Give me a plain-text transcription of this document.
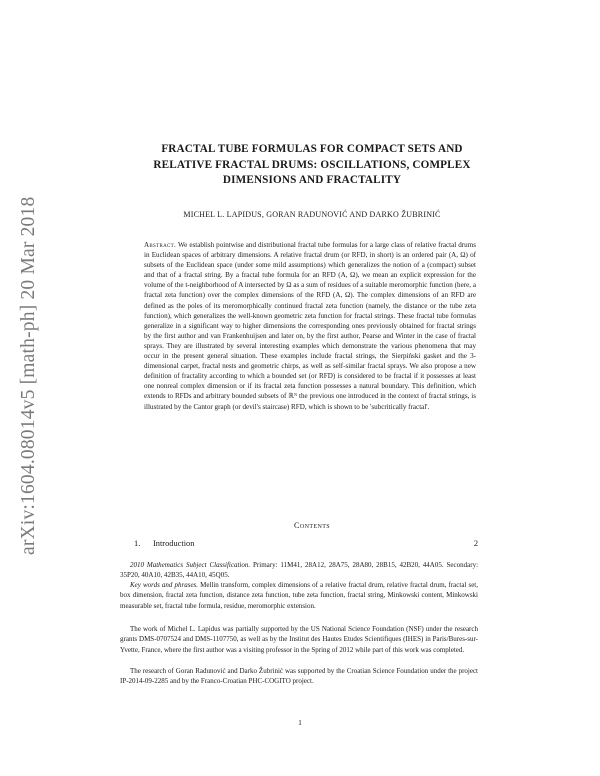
arXiv:1604.08014v5 [math-ph] 20 Mar 2018
FRACTAL TUBE FORMULAS FOR COMPACT SETS AND
RELATIVE FRACTAL DRUMS: OSCILLATIONS, COMPLEX
DIMENSIONS AND FRACTALITY
MICHEL L. LAPIDUS, GORAN RADUNOVIĆ AND DARKO ŽUBRINIĆ
Abstract. We establish pointwise and distributional fractal tube formulas for a large class of relative fractal drums in Euclidean spaces of arbitrary dimensions. A relative fractal drum (or RFD, in short) is an ordered pair (A, Ω) of subsets of the Euclidean space (under some mild assumptions) which generalizes the notion of a (compact) subset and that of a fractal string. By a fractal tube formula for an RFD (A, Ω), we mean an explicit expression for the volume of the t-neighborhood of A intersected by Ω as a sum of residues of a suitable meromorphic function (here, a fractal zeta function) over the complex dimensions of the RFD (A, Ω). The complex dimensions of an RFD are defined as the poles of its meromorphically continued fractal zeta function (namely, the distance or the tube zeta function), which generalizes the well-known geometric zeta function for fractal strings. These fractal tube formulas generalize in a significant way to higher dimensions the corresponding ones previously obtained for fractal strings by the first author and van Frankenhuijsen and later on, by the first author, Pearse and Winter in the case of fractal sprays. They are illustrated by several interesting examples which demonstrate the various phenomena that may occur in the present general situation. These examples include fractal strings, the Sierpiński gasket and the 3-dimensional carpet, fractal nests and geometric chirps, as well as self-similar fractal sprays. We also propose a new definition of fractality according to which a bounded set (or RFD) is considered to be fractal if it possesses at least one nonreal complex dimension or if its fractal zeta function possesses a natural boundary. This definition, which extends to RFDs and arbitrary bounded subsets of ℝᴺ the previous one introduced in the context of fractal strings, is illustrated by the Cantor graph (or devil's staircase) RFD, which is shown to be 'subcritically fractal'.
Contents
1. Introduction	2
2010 Mathematics Subject Classification. Primary: 11M41, 28A12, 28A75, 28A80, 28B15, 42B20, 44A05. Secondary: 35P20, 40A10, 42B35, 44A10, 45Q05.
Key words and phrases. Mellin transform, complex dimensions of a relative fractal drum, relative fractal drum, fractal set, box dimension, fractal zeta function, distance zeta function, tube zeta function, fractal string, Minkowski content, Minkowski measurable set, fractal tube formula, residue, meromorphic extension.
The work of Michel L. Lapidus was partially supported by the US National Science Foundation (NSF) under the research grants DMS-0707524 and DMS-1107750, as well as by the Institut des Hautes Etudes Scientifiques (IHES) in Paris/Bures-sur-Yvette, France, where the first author was a visiting professor in the Spring of 2012 while part of this work was completed.
The research of Goran Radunović and Darko Žubrinić was supported by the Croatian Science Foundation under the project IP-2014-09-2285 and by the Franco-Croatian PHC-COGITO project.
1
